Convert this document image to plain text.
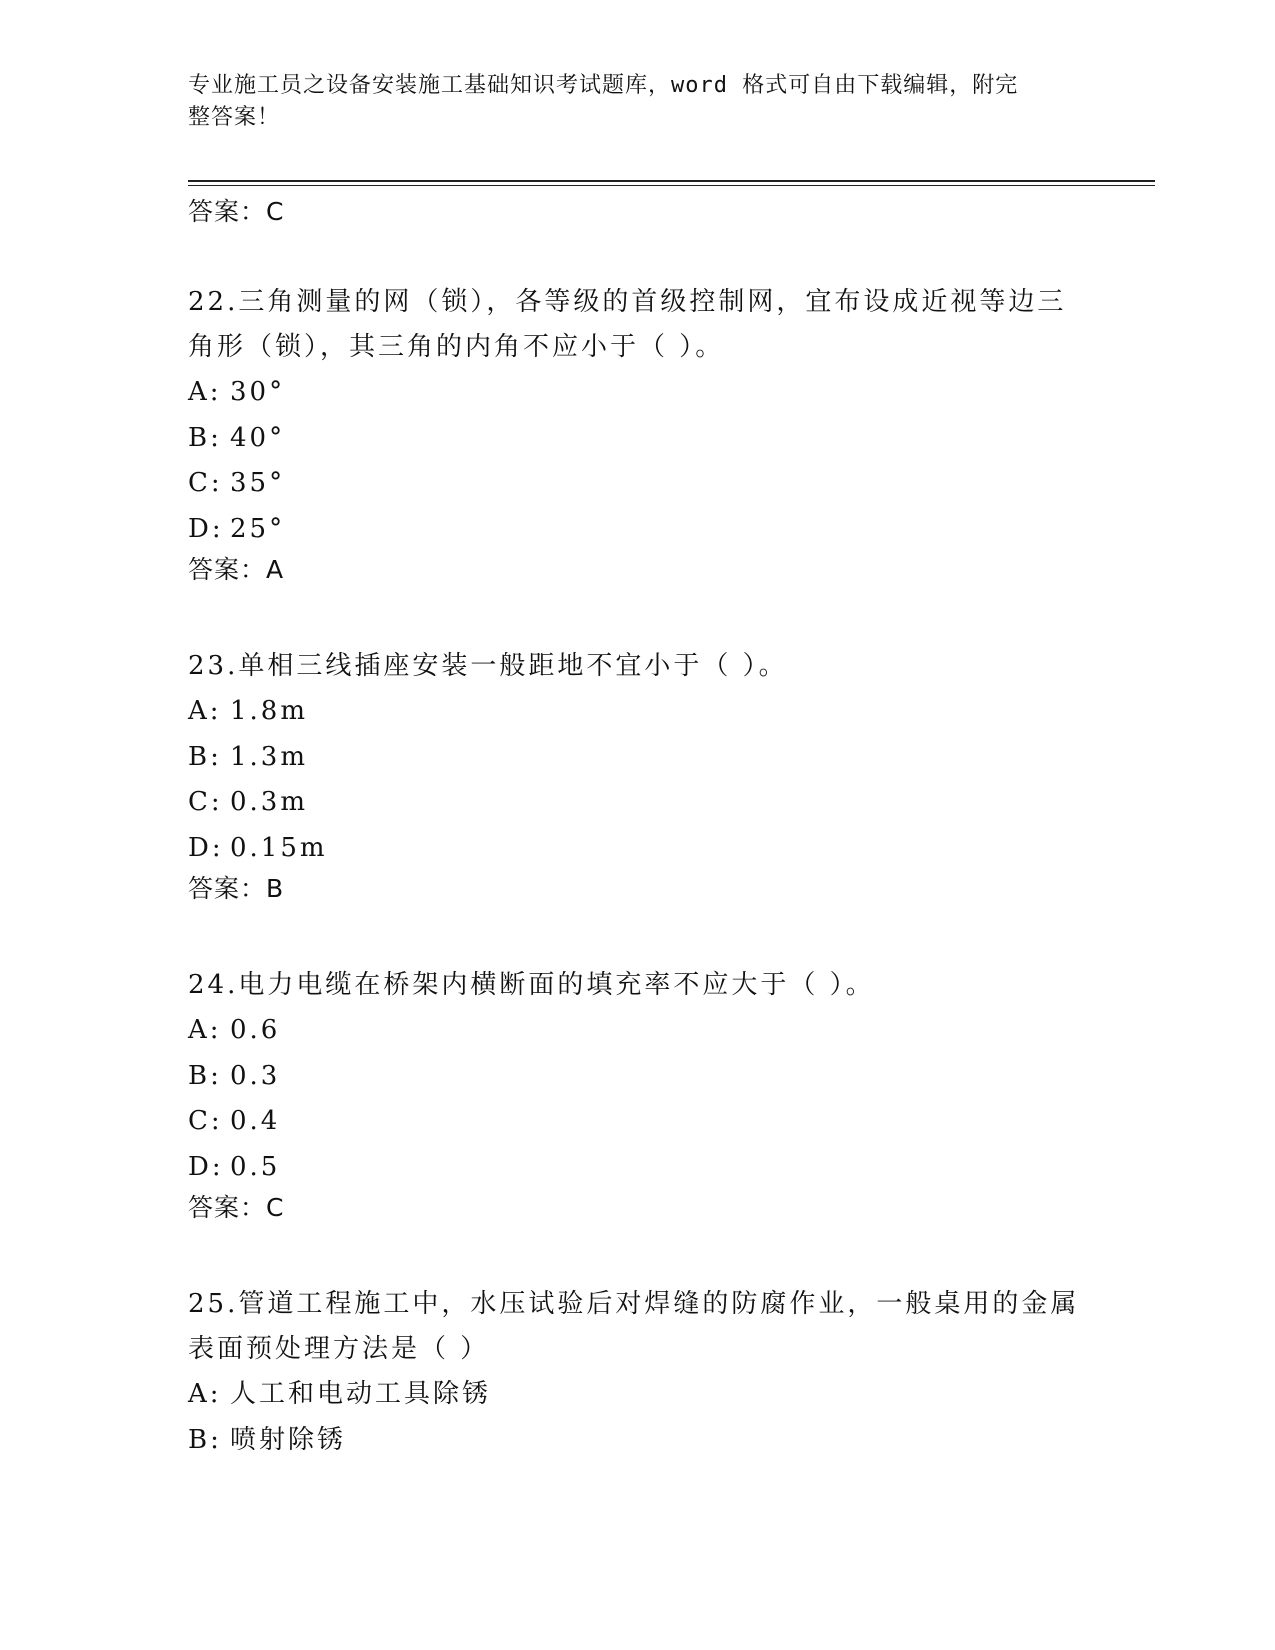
专业施工员之设备安装施工基础知识考试题库，word 格式可自由下载编辑，附完
整答案！

答案：C

22.三角测量的网（锁），各等级的首级控制网，宜布设成近视等边三

角形（锁），其三角的内角不应小于（ ）。

A: 30°

B: 40°

C: 35°

D: 25°

答案：A

23.单相三线插座安装一般距地不宜小于（ ）。

A: 1.8m

B: 1.3m

C: 0.3m

D: 0.15m

答案：B

24.电力电缆在桥架内横断面的填充率不应大于（ ）。

A: 0.6

B: 0.3

C: 0.4

D: 0.5

答案：C

25.管道工程施工中，水压试验后对焊缝的防腐作业，一般桌用的金属

表面预处理方法是（ ）

A: 人工和电动工具除锈

B: 喷射除锈
